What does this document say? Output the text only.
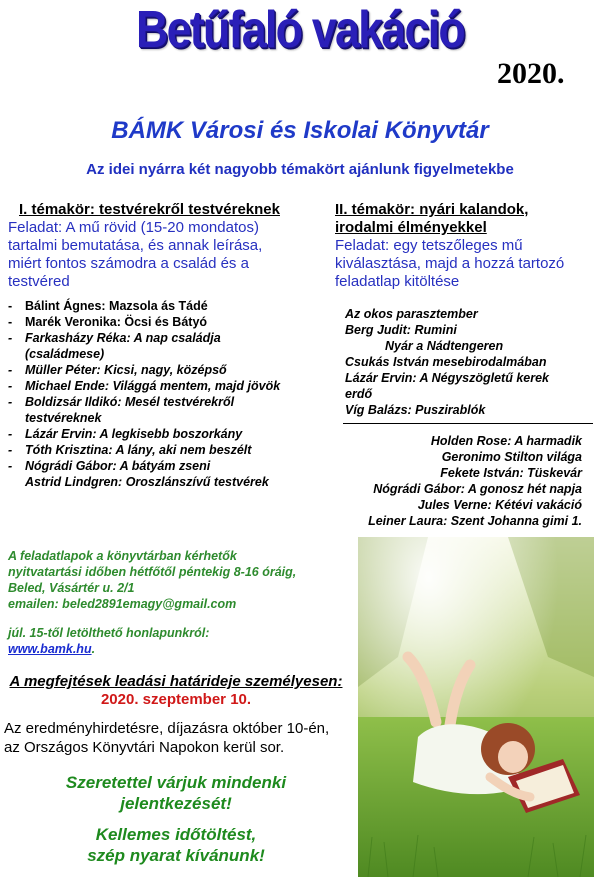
Betűfaló vakáció
2020.
BÁMK Városi és Iskolai Könyvtár
Az idei nyárra két nagyobb témakört ajánlunk figyelmetekbe
I. témakör: testvérekről testvéreknek
Feladat: A mű rövid (15-20 mondatos)
tartalmi bemutatása, és annak leírása,
miért fontos számodra a család és a
testvéred
- Bálint Ágnes: Mazsola ás Tádé
- Marék Veronika: Öcsi és Bátyó
- Farkasházy Réka: A nap családja (családmese)
- Müller Péter: Kicsi, nagy, középső
- Michael Ende: Világgá mentem, majd jövök
- Boldizsár Ildikó: Mesél testvérekről testvéreknek
- Lázár Ervin: A legkisebb boszorkány
- Tóth Krisztina: A lány, aki nem beszélt
- Nógrádi Gábor: A bátyám zseni
Astrid Lindgren: Oroszlánszívű testvérek
II. témakör: nyári kalandok,
irodalmi élményekkel
Feladat: egy tetszőleges mű
kiválasztása, majd a hozzá tartozó
feladatlap kitöltése
Az okos parasztember
Berg Judit: Rumini
Nyár a Nádtengeren
Csukás István mesebirodalmában
Lázár Ervin: A Négyszögletű kerek
erdő
Víg Balázs: Puszirablók
Holden Rose: A harmadik
Geronimo Stilton világa
Fekete István: Tüskevár
Nógrádi Gábor: A gonosz hét napja
Jules Verne: Kétévi vakáció
Leiner Laura: Szent Johanna gimi 1.
A feladatlapok a könyvtárban kérhetők
nyitvatartási időben hétfőtől péntekig 8-16 óráig,
Beled, Vásártér u. 2/1
emailen: beled2891emagy@gmail.com
júl. 15-től letölthető honlapunkról:
www.bamk.hu.
A megfejtések leadási határideje személyesen:
2020. szeptember 10.
Az eredményhirdetésre, díjazásra október 10-én,
az Országos Könyvtári Napokon kerül sor.
Szeretettel várjuk mindenki
jelentkezését!
Kellemes időtöltést,
szép nyarat kívánunk!
